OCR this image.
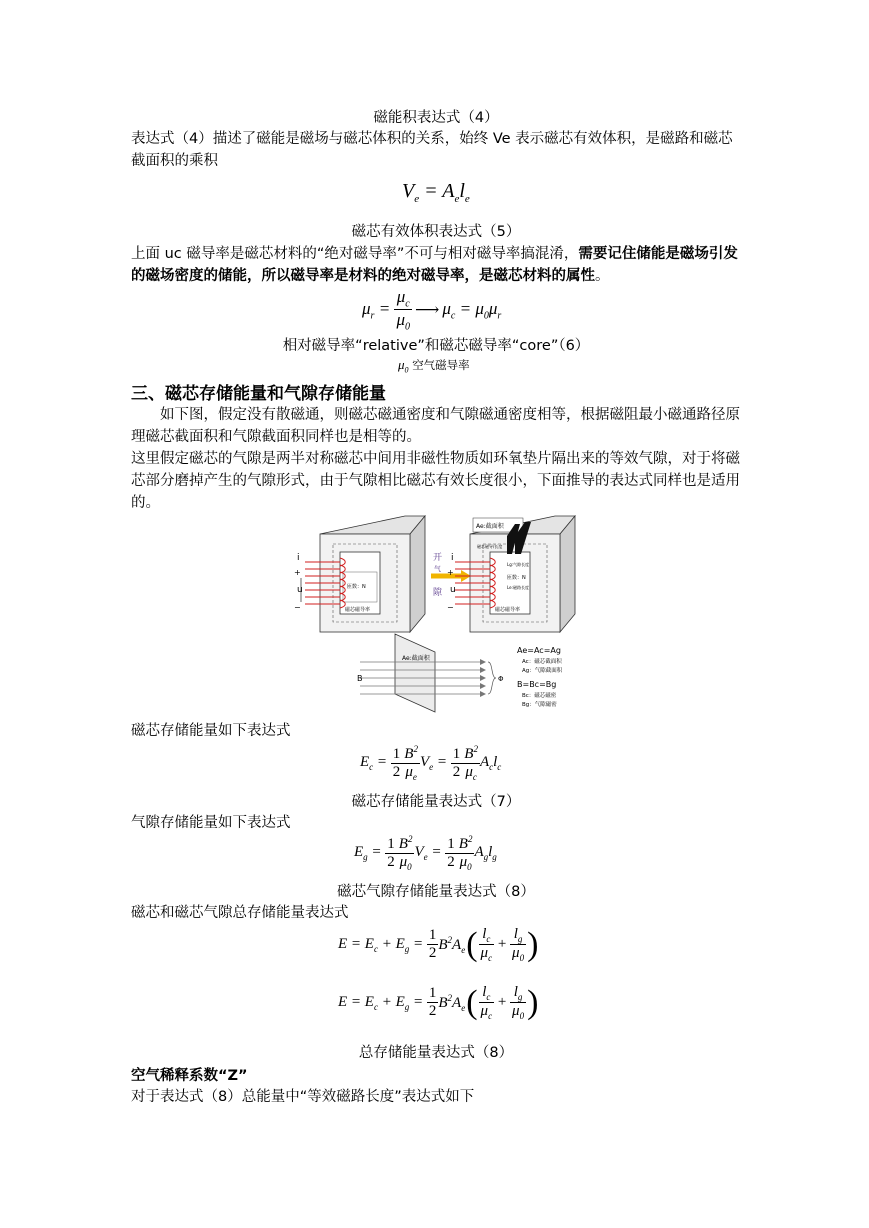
磁能积表达式（4）

表达式（4）描述了磁能是磁场与磁芯体积的关系，始终 Ve 表示磁芯有效体积，是磁路和磁芯截面积的乘积

$V_e = A_el_e$
磁芯有效体积表达式（5）

上面 uc 磁导率是磁芯材料的“绝对磁导率”不可与相对磁导率搞混淆，需要记住储能是磁场引发的磁场密度的储能，所以磁导率是材料的绝对磁导率，是磁芯材料的属性。

$\mu_r = \frac{\mu_c}{\mu_0}$ ⟶ $\mu_c = \mu_0\mu_r$
相对磁导率“relative”和磁芯磁导率“core”（6）
$\mu_0$ 空气磁导率
三、磁芯存储能量和气隙存储能量

如下图，假定没有散磁通，则磁芯磁通密度和气隙磁通密度相等，根据磁阻最小磁通路径原理磁芯截面积和气隙截面积同样也是相等的。

这里假定磁芯的气隙是两半对称磁芯中间用非磁性物质如环氧垫片隔出来的等效气隙，对于将磁芯部分磨掉产生的气隙形式，由于气隙相比磁芯有效长度很小，下面推导的表达式同样也是适用的。

匝数：N
磁芯磁导率
i
+
u
−
开
气
隙
Ae:截面积
磁芯磁导/长度
Lg:气隙长度
匝数：N
Le:磁路长度
磁芯磁导率
i
+
u
−
Ae:截面积
B	Φ
Ae=Ac=Ag
Ac：磁芯截面积
Ag：气隙截面积
B=Bc=Bg
Bc：磁芯磁密
Bg：气隙磁密

磁芯存储能量如下表达式

$E_c = \frac{1}{2} \frac{B^2}{\mu_e} V_e = \frac{1}{2} \frac{B^2}{\mu_c} A_cl_c$
磁芯存储能量表达式（7）

气隙存储能量如下表达式

$E_g = \frac{1}{2} \frac{B^2}{\mu_0} V_e = \frac{1}{2} \frac{B^2}{\mu_0} A_gl_g$
磁芯气隙存储能量表达式（8）

磁芯和磁芯气隙总存储能量表达式

$E = E_c + E_g = \frac{1}{2} B^2A_e$ ( $\frac{l_c}{\mu_c} + \frac{l_g}{\mu_0}$ )
$E = E_c + E_g = \frac{1}{2} B^2A_e$ ( $\frac{l_c}{\mu_c} + \frac{l_g}{\mu_0}$ )
总存储能量表达式（8）
空气稀释系数“Z”

对于表达式（8）总能量中“等效磁路长度”表达式如下
